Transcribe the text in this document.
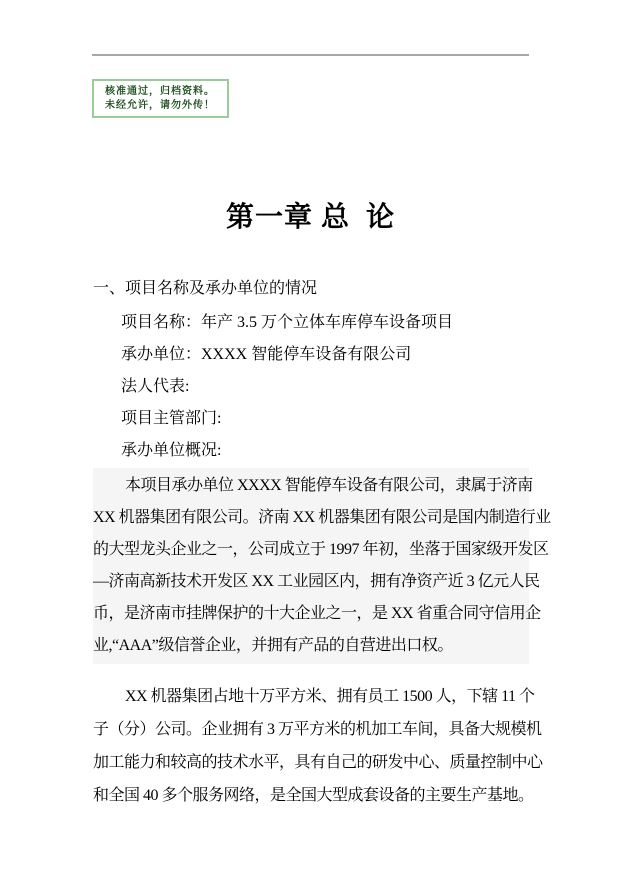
核准通过，归档资料。
未经允许，请勿外传！
第一章 总  论
一、项目名称及承办单位的情况
项目名称：年产 3.5 万个立体车库停车设备项目
承办单位：XXXX 智能停车设备有限公司
法人代表:
项目主管部门:
承办单位概况:
本项目承办单位 XXXX 智能停车设备有限公司，隶属于济南
XX 机器集团有限公司。济南 XX 机器集团有限公司是国内制造行业
的大型龙头企业之一，公司成立于 1997 年初，坐落于国家级开发区
—济南高新技术开发区 XX 工业园区内，拥有净资产近 3 亿元人民
币，是济南市挂牌保护的十大企业之一，是 XX 省重合同守信用企
业,“AAA”级信誉企业，并拥有产品的自营进出口权。
XX 机器集团占地十万平方米、拥有员工 1500 人，下辖 11 个
子（分）公司。企业拥有 3 万平方米的机加工车间，具备大规模机
加工能力和较高的技术水平，具有自己的研发中心、质量控制中心
和全国 40 多个服务网络，是全国大型成套设备的主要生产基地。
